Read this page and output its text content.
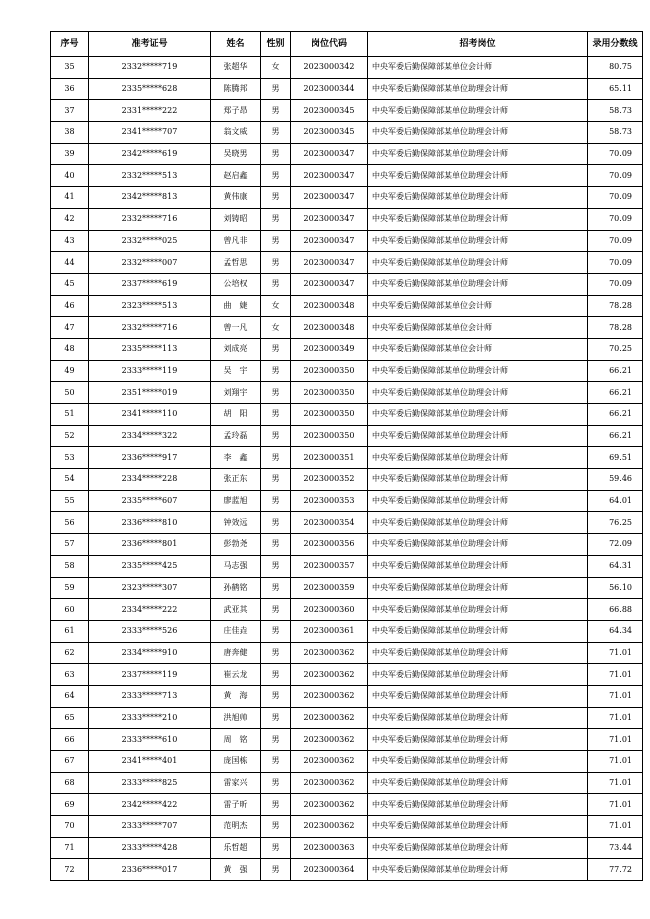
序号	准考证号	姓名	性别	岗位代码	招考岗位	录用分数线
35	2332*****719	张超华	女	2023000342	中央军委后勤保障部某单位会计师	80.75
36	2335*****628	陈腾邦	男	2023000344	中央军委后勤保障部某单位助理会计师	65.11
37	2331*****222	郑子昂	男	2023000345	中央军委后勤保障部某单位助理会计师	58.73
38	2341*****707	翁文威	男	2023000345	中央军委后勤保障部某单位助理会计师	58.73
39	2342*****619	吴晓男	男	2023000347	中央军委后勤保障部某单位助理会计师	70.09
40	2332*****513	赵启鑫	男	2023000347	中央军委后勤保障部某单位助理会计师	70.09
41	2342*****813	黄伟康	男	2023000347	中央军委后勤保障部某单位助理会计师	70.09
42	2332*****716	刘铸昭	男	2023000347	中央军委后勤保障部某单位助理会计师	70.09
43	2332*****025	曾凡非	男	2023000347	中央军委后勤保障部某单位助理会计师	70.09
44	2332*****007	孟哲思	男	2023000347	中央军委后勤保障部某单位助理会计师	70.09
45	2337*****619	公培权	男	2023000347	中央军委后勤保障部某单位助理会计师	70.09
46	2323*****513	曲　婕	女	2023000348	中央军委后勤保障部某单位会计师	78.28
47	2332*****716	曾一凡	女	2023000348	中央军委后勤保障部某单位会计师	78.28
48	2335*****113	刘成亮	男	2023000349	中央军委后勤保障部某单位会计师	70.25
49	2333*****119	吴　宇	男	2023000350	中央军委后勤保障部某单位助理会计师	66.21
50	2351*****019	刘翔宇	男	2023000350	中央军委后勤保障部某单位助理会计师	66.21
51	2341*****110	胡　阳	男	2023000350	中央军委后勤保障部某单位助理会计师	66.21
52	2334*****322	孟玲磊	男	2023000350	中央军委后勤保障部某单位助理会计师	66.21
53	2336*****917	李　鑫	男	2023000351	中央军委后勤保障部某单位助理会计师	69.51
54	2334*****228	张正东	男	2023000352	中央军委后勤保障部某单位助理会计师	59.46
55	2335*****607	廖蓝旭	男	2023000353	中央军委后勤保障部某单位助理会计师	64.01
56	2336*****810	钟效远	男	2023000354	中央军委后勤保障部某单位助理会计师	76.25
57	2336*****801	彭勃尧	男	2023000356	中央军委后勤保障部某单位助理会计师	72.09
58	2335*****425	马志强	男	2023000357	中央军委后勤保障部某单位助理会计师	64.31
59	2323*****307	孙鹤铭	男	2023000359	中央军委后勤保障部某单位助理会计师	56.10
60	2334*****222	武亚其	男	2023000360	中央军委后勤保障部某单位助理会计师	66.88
61	2333*****526	庄佳垚	男	2023000361	中央军委后勤保障部某单位助理会计师	64.34
62	2334*****910	唐奔健	男	2023000362	中央军委后勤保障部某单位助理会计师	71.01
63	2337*****119	崔云龙	男	2023000362	中央军委后勤保障部某单位助理会计师	71.01
64	2333*****713	黄　海	男	2023000362	中央军委后勤保障部某单位助理会计师	71.01
65	2333*****210	洪旭帅	男	2023000362	中央军委后勤保障部某单位助理会计师	71.01
66	2333*****610	周　铭	男	2023000362	中央军委后勤保障部某单位助理会计师	71.01
67	2341*****401	庞国栋	男	2023000362	中央军委后勤保障部某单位助理会计师	71.01
68	2333*****825	雷家兴	男	2023000362	中央军委后勤保障部某单位助理会计师	71.01
69	2342*****422	雷子昕	男	2023000362	中央军委后勤保障部某单位助理会计师	71.01
70	2333*****707	范明杰	男	2023000362	中央军委后勤保障部某单位助理会计师	71.01
71	2333*****428	乐哲超	男	2023000363	中央军委后勤保障部某单位助理会计师	73.44
72	2336*****017	黄　强	男	2023000364	中央军委后勤保障部某单位助理会计师	77.72
